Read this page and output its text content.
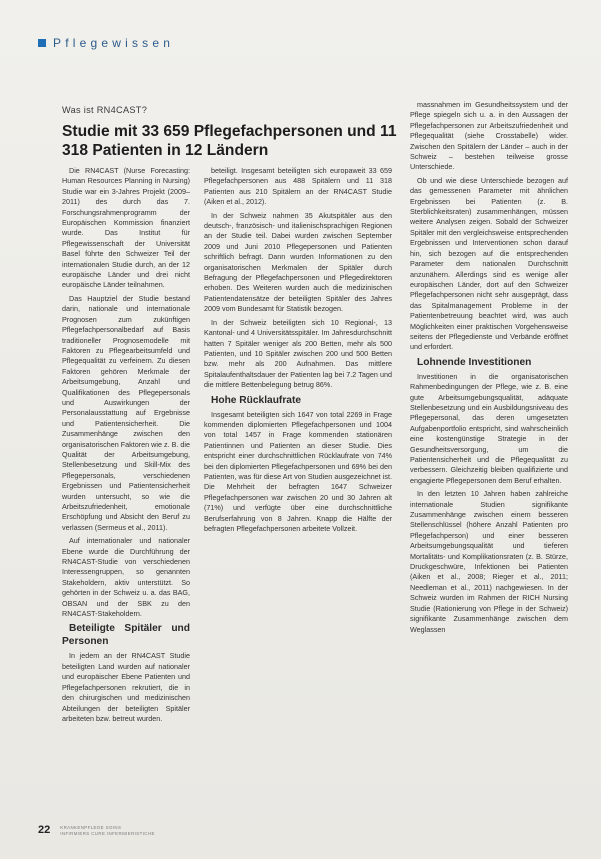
Pflegewissen
Was ist RN4CAST?
Studie mit 33 659 Pflegefachpersonen und 11 318 Patienten in 12 Ländern

Die RN4CAST (Nurse Forecasting: Human Resources Planning in Nursing) Studie war ein 3-Jahres Projekt (2009–2011) des durch das 7. Forschungsrahmenprogramm der Europäischen Kommission finanziert wurde. Das Institut für Pflegewissenschaft der Universität Basel führte den Schweizer Teil der internationalen Studie durch, an der 12 europäische Länder und drei nicht europäische Länder teilnahmen.

Das Hauptziel der Studie bestand darin, nationale und internationale Prognosen zum zukünftigen Pflegefachpersonalbedarf auf Basis traditioneller Prognosemodelle mit Faktoren zu Pflegearbeitsumfeld und Pflegequalität zu verfeinern. Zu diesen Faktoren gehören Merkmale der Arbeitsumgebung, Anzahl und Qualifikationen des Pflegepersonals und Auswirkungen der Personalausstattung auf Ergebnisse und Patientensicherheit. Die Zusammenhänge zwischen den organisatorischen Faktoren wie z. B. die Qualität der Arbeitsumgebung, Stellenbesetzung und Skill-Mix des Pflegepersonals, verschiedenen Ergebnissen und Patientensicherheit wurden untersucht, so wie die Arbeitszufriedenheit, emotionale Erschöpfung und Absicht den Beruf zu verlassen (Sermeus et al., 2011).

Auf internationaler und nationaler Ebene wurde die Durchführung der RN4CAST-Studie von verschiedenen Interessengruppen, so genannten Stakeholdern, aktiv unterstützt. So gehörten in der Schweiz u. a. das BAG, OBSAN und der SBK zu den RN4CAST-Stakeholdern.

Beteiligte Spitäler und Personen

In jedem an der RN4CAST Studie beteiligten Land wurden auf nationaler und europäischer Ebene Patienten und Pflegefachpersonen rekrutiert, die in den chirurgischen und medizinischen Abteilungen der beteiligten Spitäler arbeiteten bzw. betreut wurden.

beteiligt. Insgesamt beteiligten sich europaweit 33 659 Pflegefachpersonen aus 488 Spitälern und 11 318 Patienten aus 210 Spitälern an der RN4CAST Studie (Aiken et al., 2012).

In der Schweiz nahmen 35 Akutspitäler aus den deutsch-, französisch- und italienischsprachigen Regionen an der Studie teil. Dabei wurden zwischen September 2009 und Juni 2010 Pflegepersonen und Patienten schriftlich befragt. Dann wurden Informationen zu den organisatorischen Merkmalen der Spitäler durch Befragung der Pflegefachpersonen und Pflegedirektoren erhoben. Des Weiteren wurden auch die medizinischen Patientendatensätze der beteiligten Spitäler des Jahres 2009 vom Bundesamt für Statistik bezogen.

In der Schweiz beteiligten sich 10 Regional-, 13 Kantonal- und 4 Universitätsspitäler. Im Jahresdurchschnitt hatten 7 Spitäler weniger als 200 Betten, mehr als 500 Patienten, und 10 Spitäler zwischen 200 und 500 Betten bzw. mehr als 200 Aufnahmen. Das mittlere Spitalaufenthaltsdauer der Patienten lag bei 7.2 Tagen und die mittlere Bettenbelegung betrug 86%.

Hohe Rücklaufrate

Insgesamt beteiligten sich 1647 von total 2269 in Frage kommenden diplomierten Pflegefachpersonen und 1004 von total 1457 in Frage kommenden stationären Patientinnen und Patienten an dieser Studie. Dies entspricht einer durchschnittlichen Rücklaufrate von 74% bei den diplomierten Pflegefachpersonen und 69% bei den Patienten, was für diese Art von Studien ausgezeichnet ist. Die Mehrheit der befragten 1647 Schweizer Pflegefachpersonen war zwischen 20 und 30 Jahren alt (71%) und verfügte über eine durchschnittliche Berufserfahrung von 8 Jahren. Knapp die Hälfte der befragten Pflegefachpersonen arbeitete Vollzeit.

massnahmen im Gesundheitssystem und der Pflege spiegeln sich u. a. in den Aussagen der Pflegefachpersonen zur Arbeitszufriedenheit und Pflegequalität (siehe Crosstabelle) wider. Zwischen den Spitälern der Länder – auch in der Schweiz – bestehen teilweise grosse Unterschiede.

Ob und wie diese Unterschiede bezogen auf das gemessenen Parameter mit ähnlichen Ergebnissen bei Patienten (z. B. Sterblichkeitsraten) zusammenhängen, müssen weitere Analysen zeigen. Sobald der Schweizer Spitäler mit den vergleichsweise entsprechenden Ergebnissen und Interventionen schon darauf hin, sich bezogen auf die entsprechenden Parameter dem nationalen Durchschnitt anzunähern. Allerdings sind es wenige aller europäischen Länder, dort auf den Schweizer Pflegefachpersonen nicht sehr ausgeprägt, dass das Spitalmanagement Probleme in der Patientenbetreuung beachtet wird, was auch Möglichkeiten einer praktischen Vorgehensweise seitens der Pflegedienste und Verbände eröffnet und erfordert.

Lohnende Investitionen

Investitionen in die organisatorischen Rahmenbedingungen der Pflege, wie z. B. eine gute Arbeitsumgebungsqualität, adäquate Stellenbesetzung und ein Ausbildungsniveau des Pflegepersonal, das deren umgesetzten Aufgabenportfolio entspricht, sind wahrscheinlich eine kostengünstige Strategie in der Gesundheitsversorgung, um die Patientensicherheit und die Pflegequalität zu verbessern. Gleichzeitig bleiben qualifizierte und engagierte Pflegepersonen dem Beruf erhalten.

In den letzten 10 Jahren haben zahlreiche internationale Studien signifikante Zusammenhänge zwischen einem besseren Stellenschlüssel (höhere Anzahl Patienten pro Pflegefachperson) und einer besseren Arbeitsumgebungsqualität und tieferen Mortalitäts- und Komplikationsraten (z. B. Stürze, Druckgeschwüre, Infektionen bei Patienten (Aiken et al., 2008; Rieger et al., 2011; Needleman et al., 2011) nachgewiesen. In der Schweiz wurden im Rahmen der RICH Nursing Studie (Rationierung von Pflege in der Schweiz) signifikante Zusammenhänge zwischen dem Weglassen

22 KRANKENPFLEGE SOINS
INFIRMIERS CURE INFERMIERISTICHE
